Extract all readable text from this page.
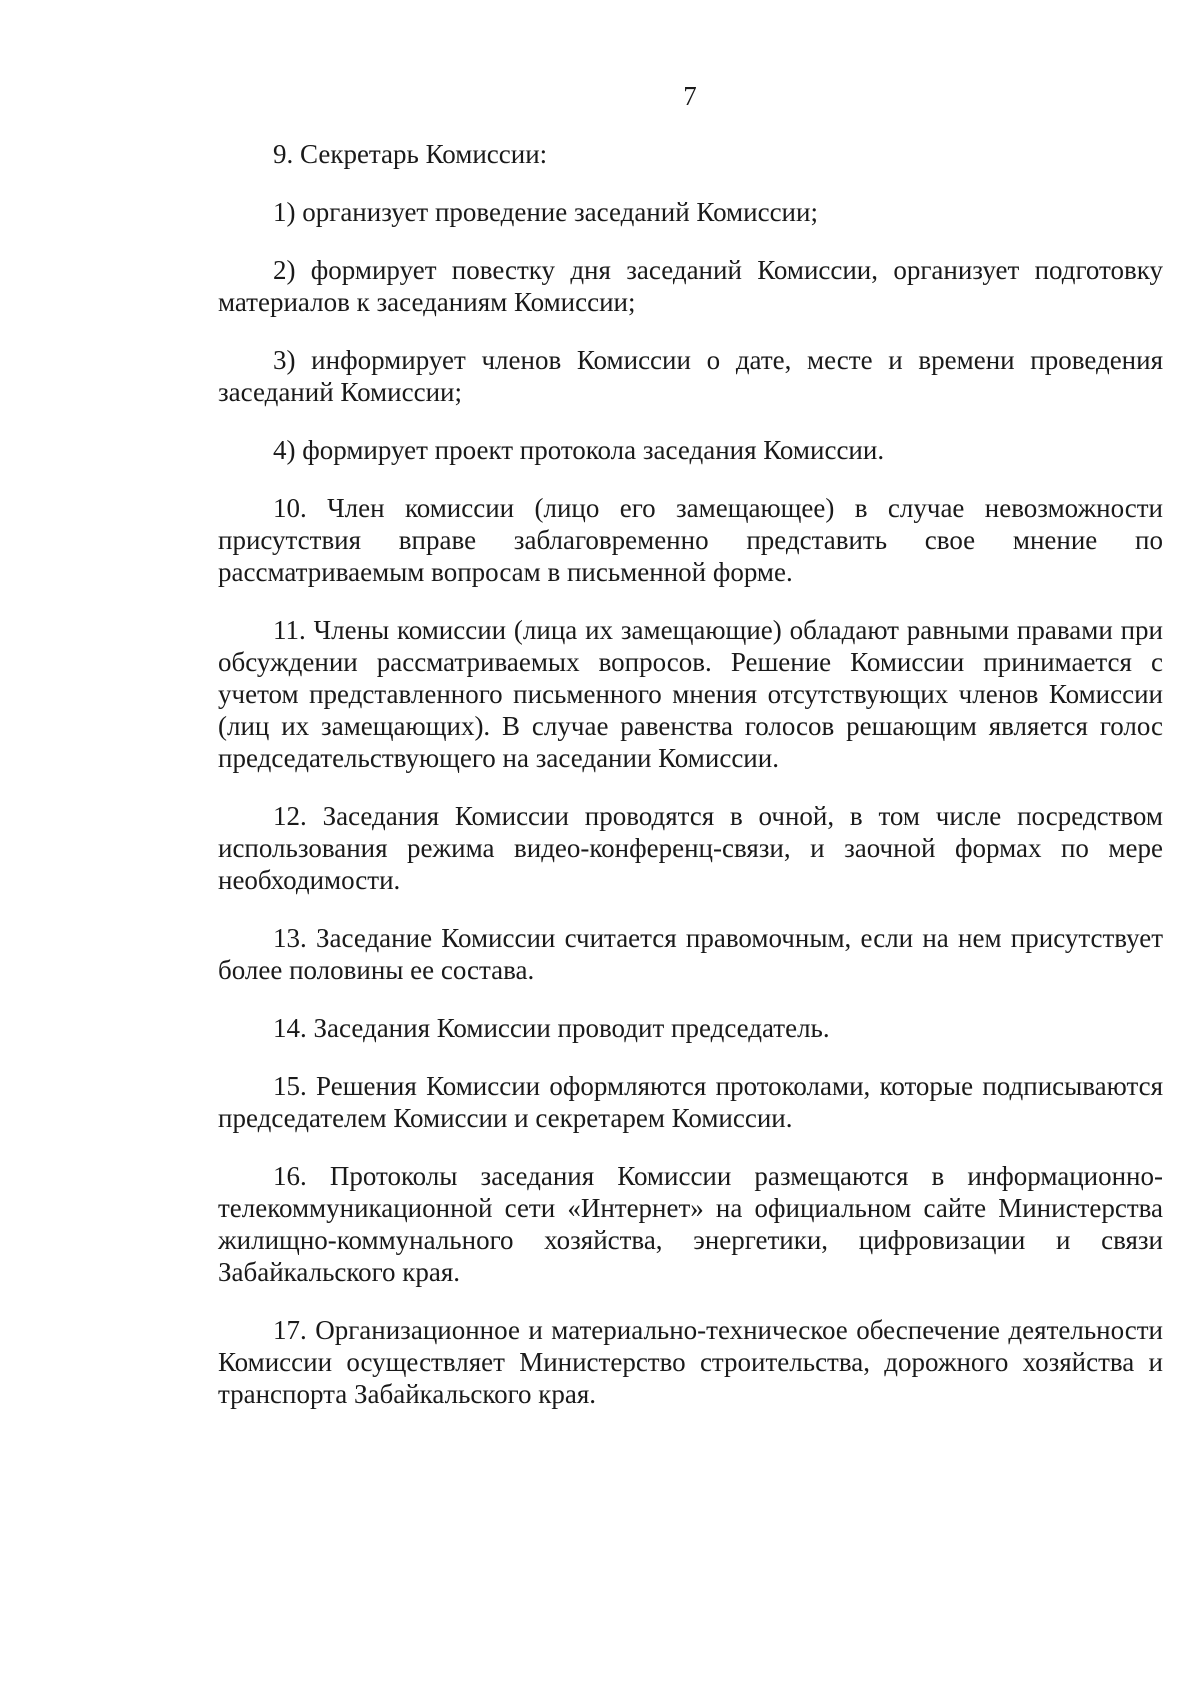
7

9. Секретарь Комиссии:

1) организует проведение заседаний Комиссии;

2) формирует повестку дня заседаний Комиссии, организует подготовку материалов к заседаниям Комиссии;

3) информирует членов Комиссии о дате, месте и времени проведения заседаний Комиссии;

4) формирует проект протокола заседания Комиссии.

10. Член комиссии (лицо его замещающее) в случае невозможности присутствия вправе заблаговременно представить свое мнение по рассматриваемым вопросам в письменной форме.

11. Члены комиссии (лица их замещающие) обладают равными правами при обсуждении рассматриваемых вопросов. Решение Комиссии принимается с учетом представленного письменного мнения отсутствующих членов Комиссии (лиц их замещающих). В случае равенства голосов решающим является голос председательствующего на заседании Комиссии.

12. Заседания Комиссии проводятся в очной, в том числе посредством использования режима видео-конференц-связи, и заочной формах по мере необходимости.

13. Заседание Комиссии считается правомочным, если на нем присутствует более половины ее состава.

14. Заседания Комиссии проводит председатель.

15. Решения Комиссии оформляются протоколами, которые подписываются председателем Комиссии и секретарем Комиссии.

16. Протоколы заседания Комиссии размещаются в информационно-телекоммуникационной сети «Интернет» на официальном сайте Министерства жилищно-коммунального хозяйства, энергетики, цифровизации и связи Забайкальского края.

17. Организационное и материально-техническое обеспечение деятельности Комиссии осуществляет Министерство строительства, дорожного хозяйства и транспорта Забайкальского края.
